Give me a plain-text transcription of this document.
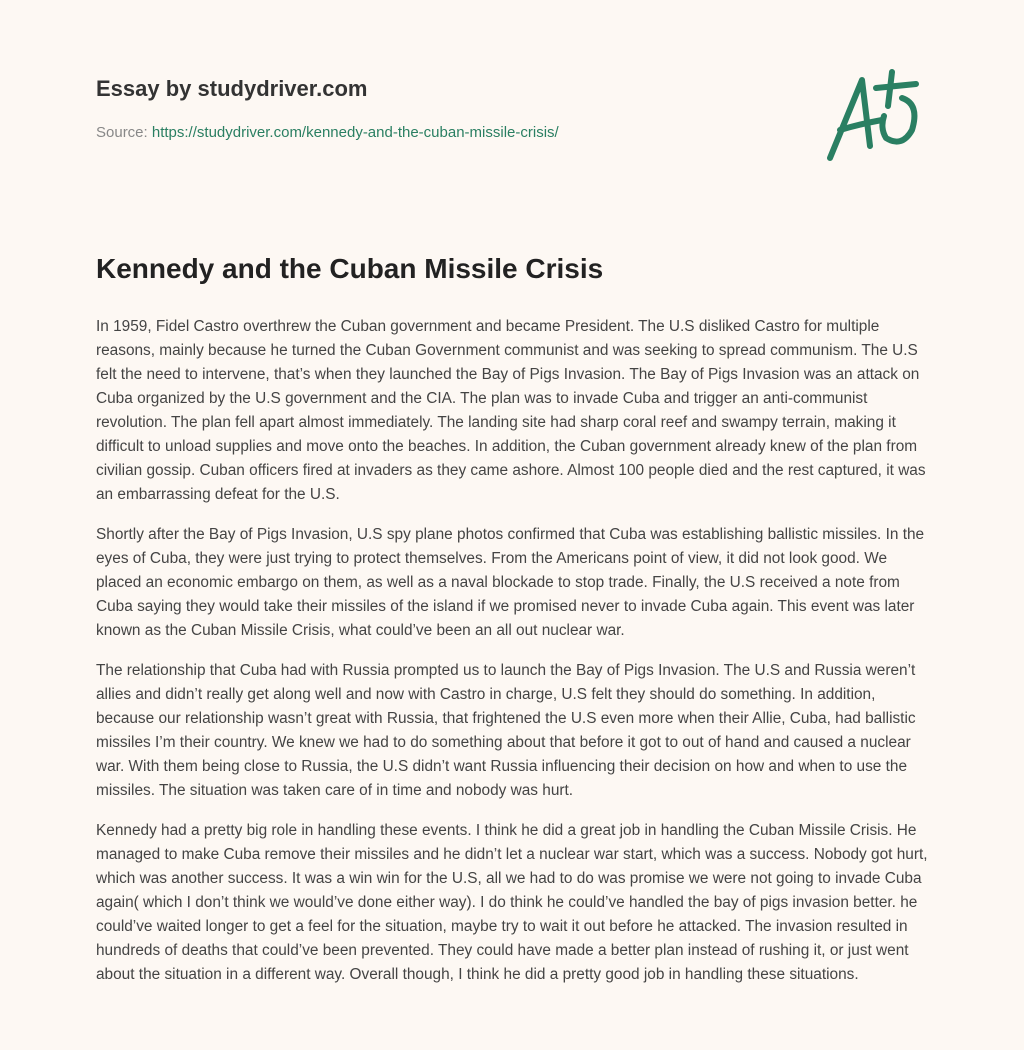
Essay by studydriver.com
Source: https://studydriver.com/kennedy-and-the-cuban-missile-crisis/
Kennedy and the Cuban Missile Crisis

In 1959, Fidel Castro overthrew the Cuban government and became President. The U.S disliked Castro for multiple reasons, mainly because he turned the Cuban Government communist and was seeking to spread communism. The U.S felt the need to intervene, that’s when they launched the Bay of Pigs Invasion. The Bay of Pigs Invasion was an attack on Cuba organized by the U.S government and the CIA. The plan was to invade Cuba and trigger an anti-communist revolution. The plan fell apart almost immediately. The landing site had sharp coral reef and swampy terrain, making it difficult to unload supplies and move onto the beaches. In addition, the Cuban government already knew of the plan from civilian gossip. Cuban officers fired at invaders as they came ashore. Almost 100 people died and the rest captured, it was an embarrassing defeat for the U.S.

Shortly after the Bay of Pigs Invasion, U.S spy plane photos confirmed that Cuba was establishing ballistic missiles. In the eyes of Cuba, they were just trying to protect themselves. From the Americans point of view, it did not look good. We placed an economic embargo on them, as well as a naval blockade to stop trade. Finally, the U.S received a note from Cuba saying they would take their missiles of the island if we promised never to invade Cuba again. This event was later known as the Cuban Missile Crisis, what could’ve been an all out nuclear war.

The relationship that Cuba had with Russia prompted us to launch the Bay of Pigs Invasion. The U.S and Russia weren’t allies and didn’t really get along well and now with Castro in charge, U.S felt they should do something. In addition, because our relationship wasn’t great with Russia, that frightened the U.S even more when their Allie, Cuba, had ballistic missiles I’m their country. We knew we had to do something about that before it got to out of hand and caused a nuclear war. With them being close to Russia, the U.S didn’t want Russia influencing their decision on how and when to use the missiles. The situation was taken care of in time and nobody was hurt.

Kennedy had a pretty big role in handling these events. I think he did a great job in handling the Cuban Missile Crisis. He managed to make Cuba remove their missiles and he didn’t let a nuclear war start, which was a success. Nobody got hurt, which was another success. It was a win win for the U.S, all we had to do was promise we were not going to invade Cuba again( which I don’t think we would’ve done either way). I do think he could’ve handled the bay of pigs invasion better. he could’ve waited longer to get a feel for the situation, maybe try to wait it out before he attacked. The invasion resulted in hundreds of deaths that could’ve been prevented. They could have made a better plan instead of rushing it, or just went about the situation in a different way. Overall though, I think he did a pretty good job in handling these situations.
